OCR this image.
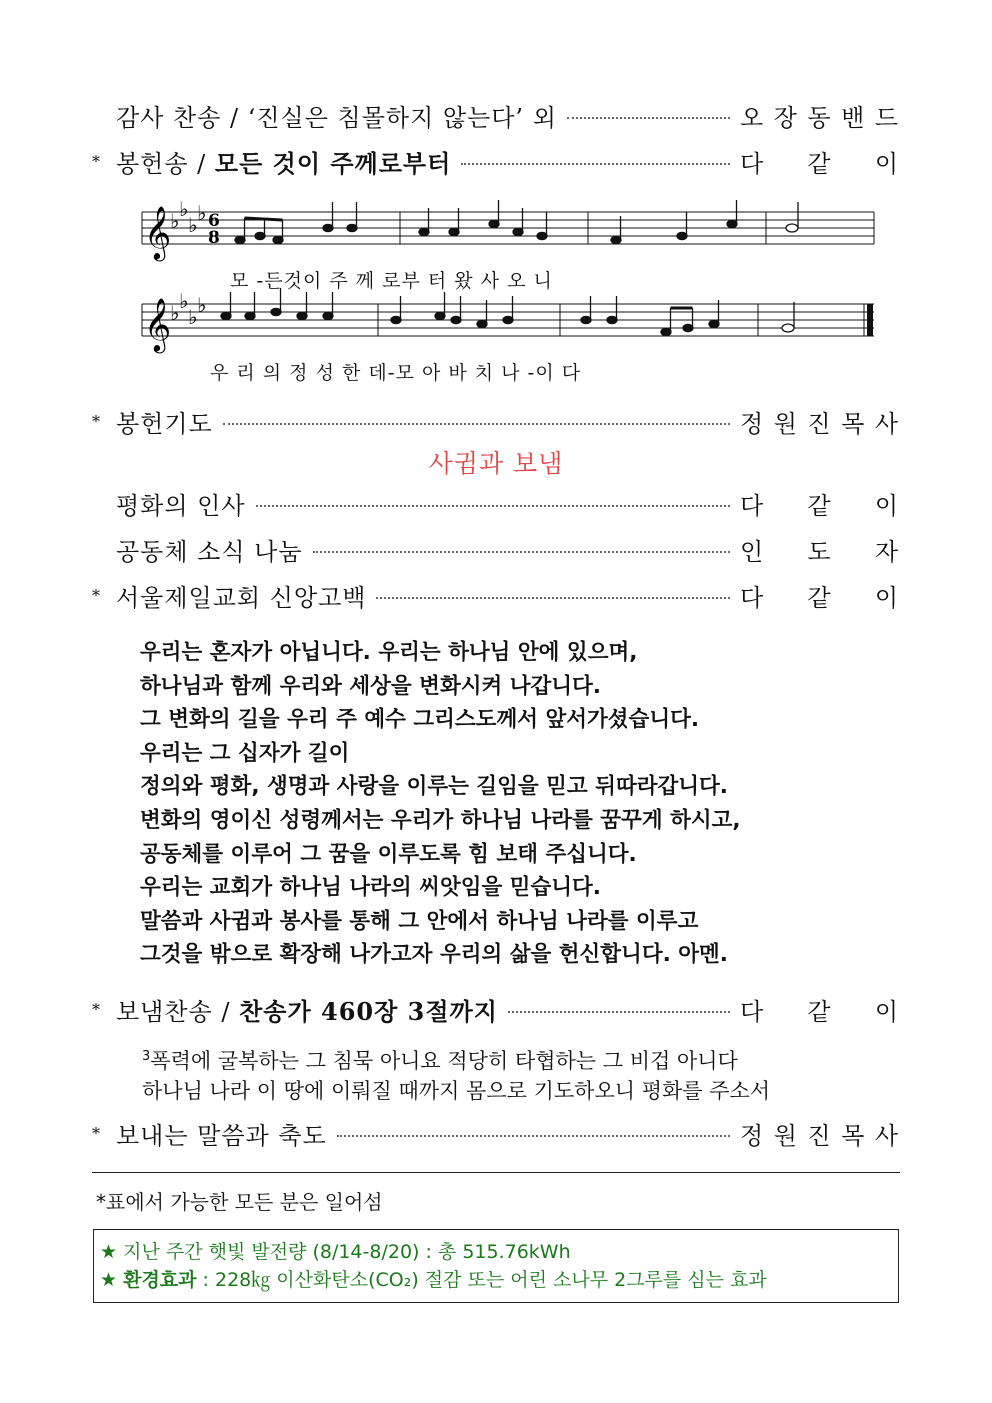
감사 찬송 / ‘진실은 침몰하지 않는다’ 외	오 장 동 밴 드
* 봉헌송 / 모든 것이 주께로부터	다 같 이
𝄞
𝄞
♭ ♭
♭ ♭
♭ ♭
♭ ♭
6
8
모 -든것이 주 께 로부 터 왔 사 오 니
우 리 의 정 성 한 데-모 아 바 치 나 -이 다
* 봉헌기도	정 원 진 목 사
사귐과 보냄
평화의 인사	다 같 이
공동체 소식 나눔	인 도 자
* 서울제일교회 신앙고백	다 같 이
우리는 혼자가 아닙니다. 우리는 하나님 안에 있으며,
하나님과 함께 우리와 세상을 변화시켜 나갑니다.
그 변화의 길을 우리 주 예수 그리스도께서 앞서가셨습니다.
우리는 그 십자가 길이
정의와 평화, 생명과 사랑을 이루는 길임을 믿고 뒤따라갑니다.
변화의 영이신 성령께서는 우리가 하나님 나라를 꿈꾸게 하시고,
공동체를 이루어 그 꿈을 이루도록 힘 보태 주십니다.
우리는 교회가 하나님 나라의 씨앗임을 믿습니다.
말씀과 사귐과 봉사를 통해 그 안에서 하나님 나라를 이루고
그것을 밖으로 확장해 나가고자 우리의 삶을 헌신합니다. 아멘.
* 보냄찬송 / 찬송가 460장 3절까지	다 같 이
$^3$폭력에 굴복하는 그 침묵 아니요 적당히 타협하는 그 비겁 아니다
하나님 나라 이 땅에 이뤄질 때까지 몸으로 기도하오니 평화를 주소서
* 보내는 말씀과 축도	정 원 진 목 사
*표에서 가능한 모든 분은 일어섬
★ 지난 주간 햇빛 발전량 (8/14-8/20) : 총 515.76kWh
★ 환경효과 : 228㎏ 이산화탄소(CO₂) 절감 또는 어린 소나무 2그루를 심는 효과
